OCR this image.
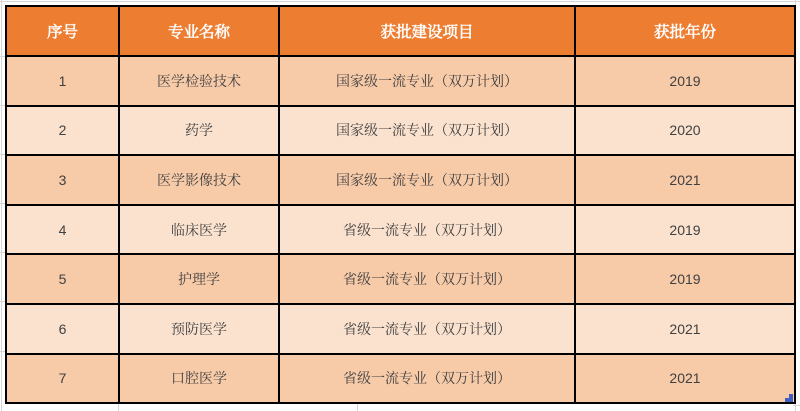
序号	专业名称	获批建设项目	获批年份
1	医学检验技术	国家级一流专业（双万计划）	2019
2	药学	国家级一流专业（双万计划）	2020
3	医学影像技术	国家级一流专业（双万计划）	2021
4	临床医学	省级一流专业（双万计划）	2019
5	护理学	省级一流专业（双万计划）	2019
6	预防医学	省级一流专业（双万计划）	2021
7	口腔医学	省级一流专业（双万计划）	2021
